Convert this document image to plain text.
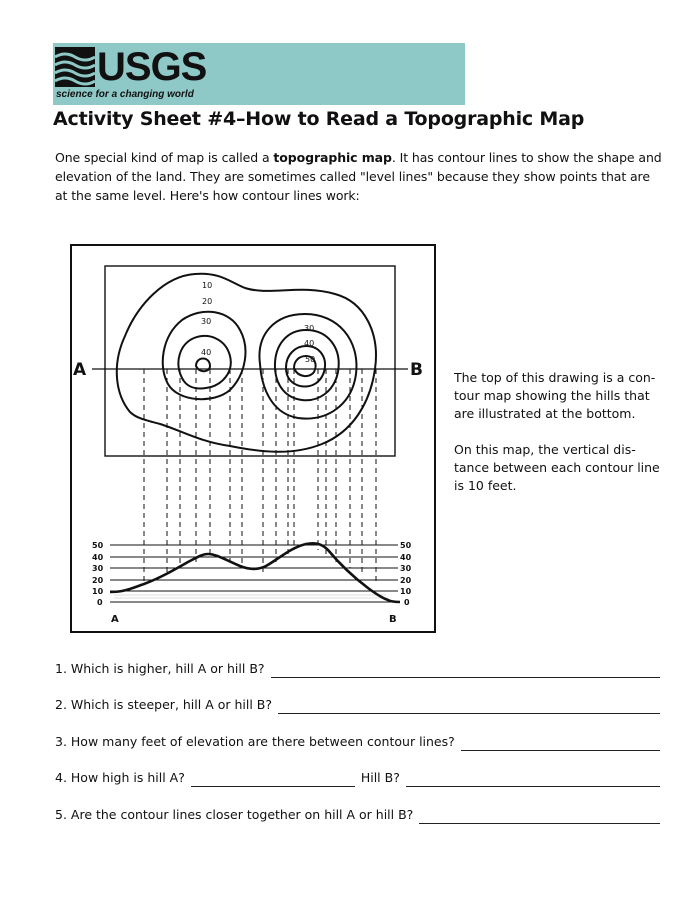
USGS
science for a changing world
Activity Sheet #4–How to Read a Topographic Map

One special kind of map is called a topographic map. It has contour lines to show the shape and elevation of the land. They are sometimes called "level lines" because they show points that are at the same level. Here's how contour lines work:

10
20
30
40
30
40
50
A	B
50
40
30
20
10
0
50
40
30
20
10
0
A	B

The top of this drawing is a con-tour map showing the hills that are illustrated at the bottom.

On this map, the vertical dis-tance between each contour line is 10 feet.

1. Which is higher, hill A or hill B?
2. Which is steeper, hill A or hill B?
3. How many feet of elevation are there between contour lines?
4. How high is hill A?	Hill B?
5. Are the contour lines closer together on hill A or hill B?
